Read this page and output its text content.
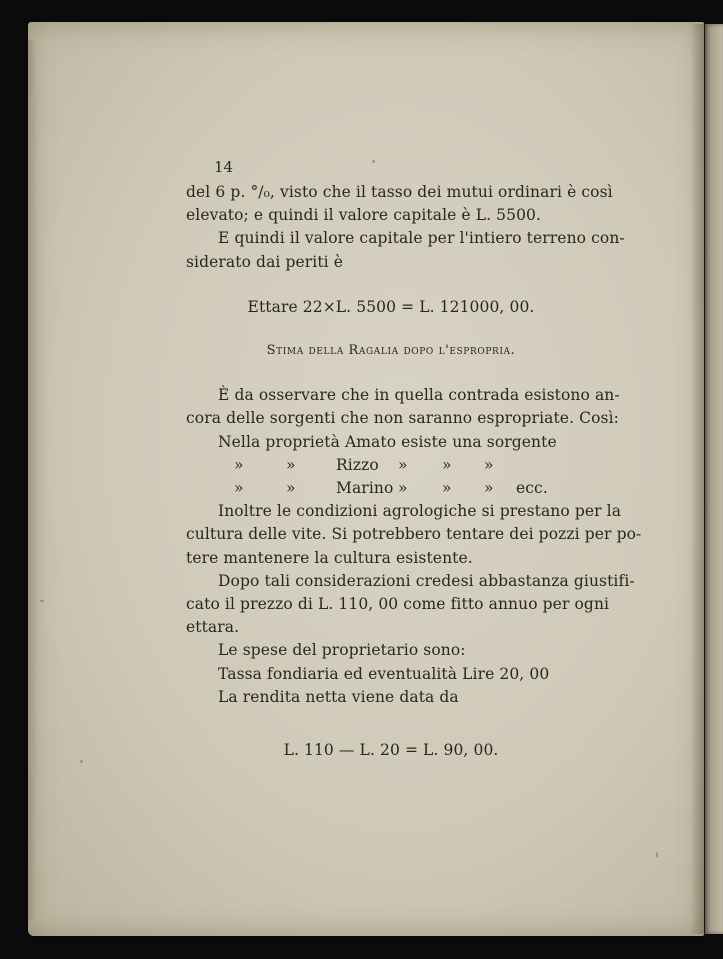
14
del 6 p. °/₀, visto che il tasso dei mutui ordinari è così
elevato; e quindi il valore capitale è L. 5500.
E quindi il valore capitale per l'intiero terreno con-
siderato dai periti è
Ettare 22×L. 5500 = L. 121000, 00.
Stima della Ragalia dopo l'espropria.
È da osservare che in quella contrada esistono an-
cora delle sorgenti che non saranno espropriate. Così:
Nella proprietà Amato esiste una sorgente
»	»	Rizzo » » »
»	»	Marino » » » ecc.
Inoltre le condizioni agrologiche si prestano per la
cultura delle vite. Si potrebbero tentare dei pozzi per po-
tere mantenere la cultura esistente.
Dopo tali considerazioni credesi abbastanza giustifi-
cato il prezzo di L. 110, 00 come fitto annuo per ogni
ettara.
Le spese del proprietario sono:
Tassa fondiaria ed eventualità Lire 20, 00
La rendita netta viene data da
L. 110 — L. 20 = L. 90, 00.
